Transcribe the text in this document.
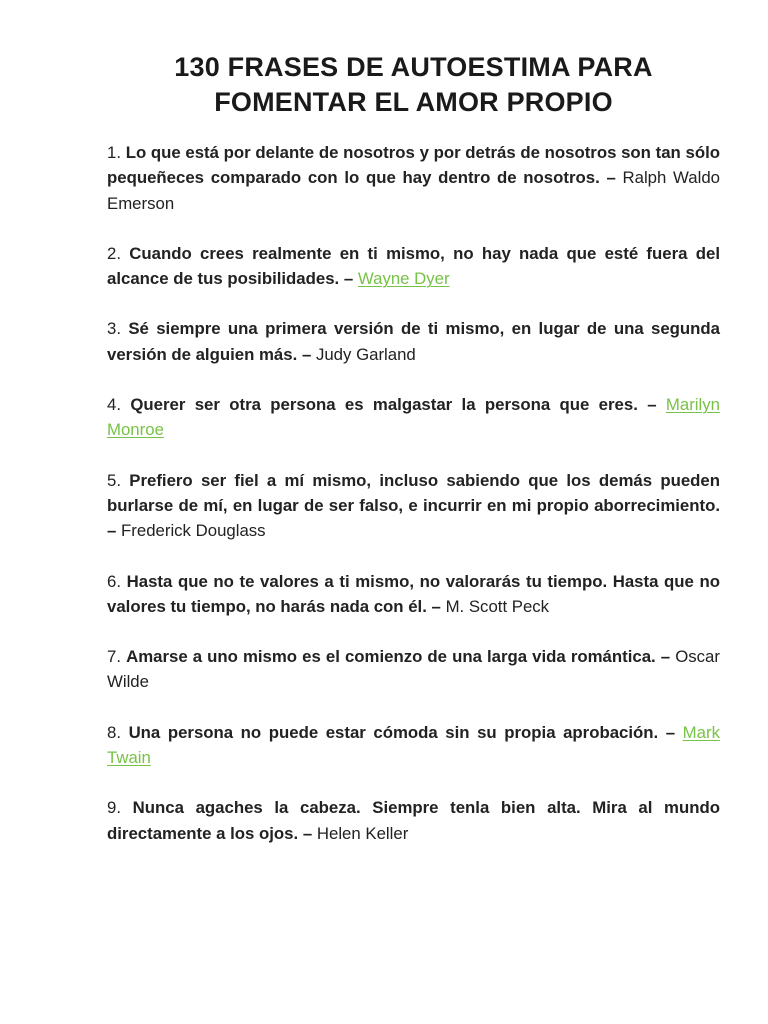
130 FRASES DE AUTOESTIMA PARA
FOMENTAR EL AMOR PROPIO

1. Lo que está por delante de nosotros y por detrás de nosotros son tan sólo pequeñeces comparado con lo que hay dentro de nosotros. – Ralph Waldo Emerson

2. Cuando crees realmente en ti mismo, no hay nada que esté fuera del alcance de tus posibilidades. – Wayne Dyer

3. Sé siempre una primera versión de ti mismo, en lugar de una segunda versión de alguien más. – Judy Garland

4. Querer ser otra persona es malgastar la persona que eres. – Marilyn Monroe

5. Prefiero ser fiel a mí mismo, incluso sabiendo que los demás pueden burlarse de mí, en lugar de ser falso, e incurrir en mi propio aborrecimiento. – Frederick Douglass

6. Hasta que no te valores a ti mismo, no valorarás tu tiempo. Hasta que no valores tu tiempo, no harás nada con él. – M. Scott Peck

7. Amarse a uno mismo es el comienzo de una larga vida romántica. – Oscar Wilde

8. Una persona no puede estar cómoda sin su propia aprobación. – Mark Twain

9. Nunca agaches la cabeza. Siempre tenla bien alta. Mira al mundo directamente a los ojos. – Helen Keller
